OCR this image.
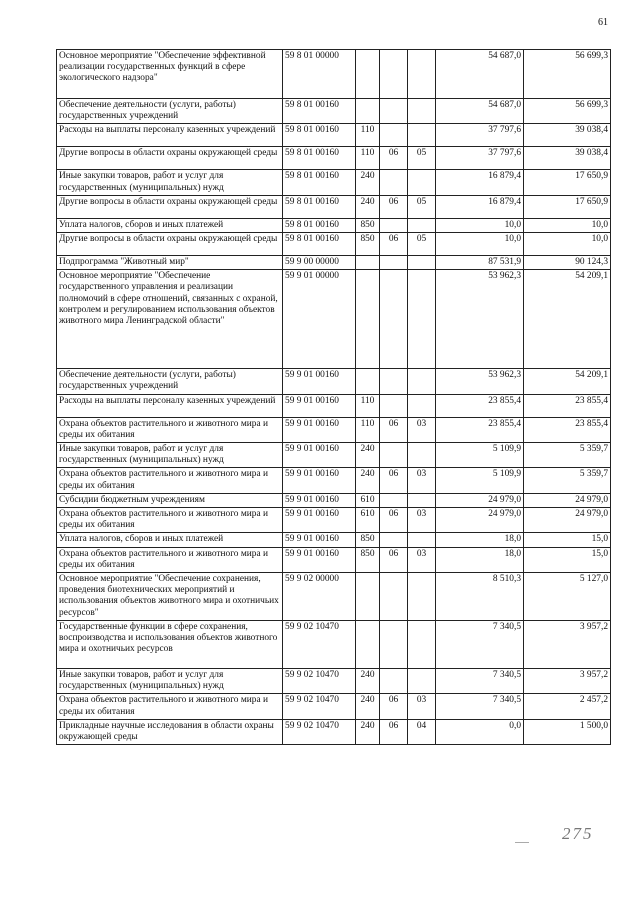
61
Основное мероприятие "Обеспечение эффективной реализации государственных функций в сфере экологического надзора"	59 8 01 00000				54 687,0	56 699,3
Обеспечение деятельности (услуги, работы) государственных учреждений	59 8 01 00160				54 687,0	56 699,3
Расходы на выплаты персоналу казенных учреждений	59 8 01 00160	110			37 797,6	39 038,4
Другие вопросы в области охраны окружающей среды	59 8 01 00160	110	06	05	37 797,6	39 038,4
Иные закупки товаров, работ и услуг для государственных (муниципальных) нужд	59 8 01 00160	240			16 879,4	17 650,9
Другие вопросы в области охраны окружающей среды	59 8 01 00160	240	06	05	16 879,4	17 650,9
Уплата налогов, сборов и иных платежей	59 8 01 00160	850			10,0	10,0
Другие вопросы в области охраны окружающей среды	59 8 01 00160	850	06	05	10,0	10,0
Подпрограмма "Животный мир"	59 9 00 00000				87 531,9	90 124,3
Основное мероприятие "Обеспечение государственного управления и реализации полномочий в сфере отношений, связанных с охраной, контролем и регулированием использования объектов животного мира Ленинградской области"	59 9 01 00000				53 962,3	54 209,1
Обеспечение деятельности (услуги, работы) государственных учреждений	59 9 01 00160				53 962,3	54 209,1
Расходы на выплаты персоналу казенных учреждений	59 9 01 00160	110			23 855,4	23 855,4
Охрана объектов растительного и животного мира и среды их обитания	59 9 01 00160	110	06	03	23 855,4	23 855,4
Иные закупки товаров, работ и услуг для государственных (муниципальных) нужд	59 9 01 00160	240			5 109,9	5 359,7
Охрана объектов растительного и животного мира и среды их обитания	59 9 01 00160	240	06	03	5 109,9	5 359,7
Субсидии бюджетным учреждениям	59 9 01 00160	610			24 979,0	24 979,0
Охрана объектов растительного и животного мира и среды их обитания	59 9 01 00160	610	06	03	24 979,0	24 979,0
Уплата налогов, сборов и иных платежей	59 9 01 00160	850			18,0	15,0
Охрана объектов растительного и животного мира и среды их обитания	59 9 01 00160	850	06	03	18,0	15,0
Основное мероприятие "Обеспечение сохранения, проведения биотехнических мероприятий и использования объектов животного мира и охотничьих ресурсов"	59 9 02 00000				8 510,3	5 127,0
Государственные функции в сфере сохранения, воспроизводства и использования объектов животного мира и охотничьих ресурсов	59 9 02 10470				7 340,5	3 957,2
Иные закупки товаров, работ и услуг для государственных (муниципальных) нужд	59 9 02 10470	240			7 340,5	3 957,2
Охрана объектов растительного и животного мира и среды их обитания	59 9 02 10470	240	06	03	7 340,5	2 457,2
Прикладные научные исследования в области охраны окружающей среды	59 9 02 10470	240	06	04	0,0	1 500,0
275
